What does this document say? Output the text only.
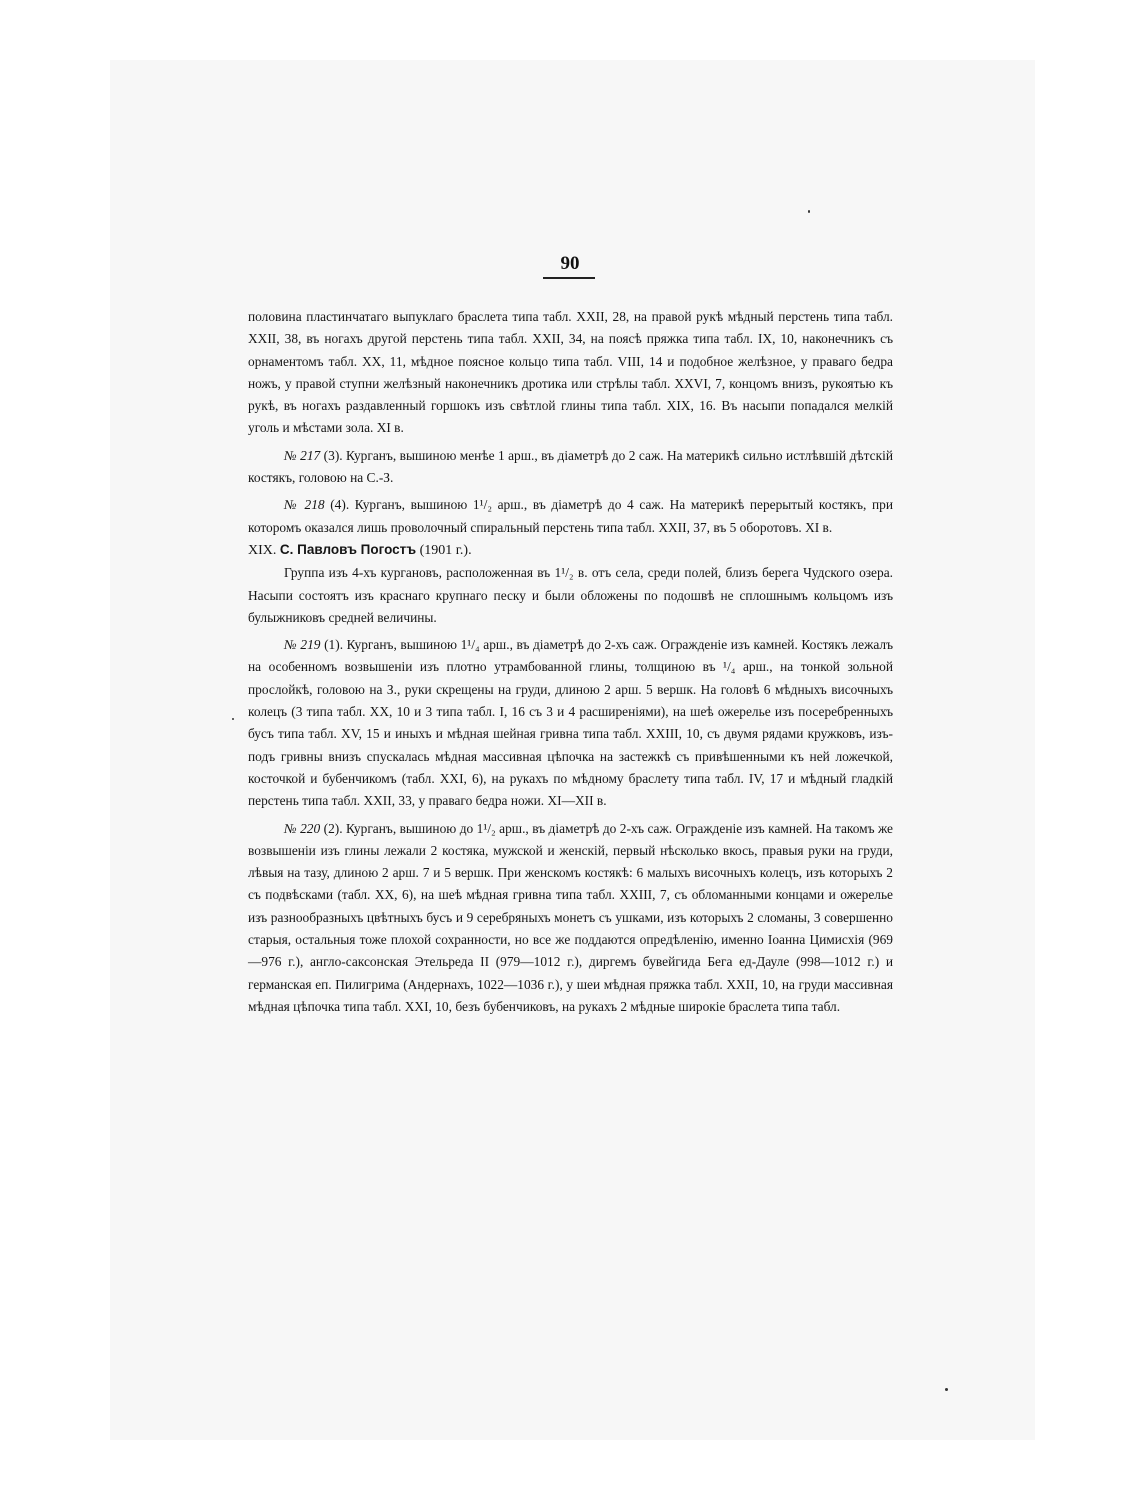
90

половина пластинчатаго выпуклаго браслета типа табл. XXII, 28, на правой рукѣ мѣдный перстень типа табл. XXII, 38, въ ногахъ другой перстень типа табл. XXII, 34, на поясѣ пряжка типа табл. IX, 10, наконечникъ съ орнаментомъ табл. XX, 11, мѣдное поясное кольцо типа табл. VIII, 14 и подобное желѣзное, у праваго бедра ножъ, у правой ступни желѣзный наконечникъ дротика или стрѣлы табл. XXVI, 7, концомъ внизъ, рукоятью къ рукѣ, въ ногахъ раздавленный горшокъ изъ свѣтлой глины типа табл. XIX, 16. Въ насыпи попадался мелкій уголь и мѣстами зола. XI в.

№ 217 (3). Курганъ, вышиною менѣе 1 арш., въ діаметрѣ до 2 саж. На материкѣ сильно истлѣвшій дѣтскій костякъ, головою на С.-З.

№ 218 (4). Курганъ, вышиною 1¹/₂ арш., въ діаметрѣ до 4 саж. На материкѣ перерытый костякъ, при которомъ оказался лишь проволочный спиральный перстень типа табл. XXII, 37, въ 5 оборотовъ. XI в.

XIX. С. Павловъ Погостъ (1901 г.).

Группа изъ 4-хъ кургановъ, расположенная въ 1¹/₂ в. отъ села, среди полей, близъ берега Чудского озера. Насыпи состоятъ изъ краснаго крупнаго песку и были обложены по подошвѣ не сплошнымъ кольцомъ изъ булыжниковъ средней величины.

№ 219 (1). Курганъ, вышиною 1¹/₄ арш., въ діаметрѣ до 2-хъ саж. Огражденіе изъ камней. Костякъ лежалъ на особенномъ возвышеніи изъ плотно утрамбованной глины, толщиною въ ¹/₄ арш., на тонкой зольной прослойкѣ, головою на З., руки скрещены на груди, длиною 2 арш. 5 вершк. На головѣ 6 мѣдныхъ височныхъ колецъ (3 типа табл. XX, 10 и 3 типа табл. I, 16 съ 3 и 4 расширеніями), на шеѣ ожерелье изъ посеребренныхъ бусъ типа табл. XV, 15 и иныхъ и мѣдная шейная гривна типа табл. XXIII, 10, съ двумя рядами кружковъ, изъ-подъ гривны внизъ спускалась мѣдная массивная цѣпочка на застежкѣ съ привѣшенными къ ней ложечкой, косточкой и бубенчикомъ (табл. XXI, 6), на рукахъ по мѣдному браслету типа табл. IV, 17 и мѣдный гладкій перстень типа табл. XXII, 33, у праваго бедра ножи. XI—XII в.

№ 220 (2). Курганъ, вышиною до 1¹/₂ арш., въ діаметрѣ до 2-хъ саж. Огражденіе изъ камней. На такомъ же возвышеніи изъ глины лежали 2 костяка, мужской и женскій, первый нѣсколько вкось, правыя руки на груди, лѣвыя на тазу, длиною 2 арш. 7 и 5 вершк. При женскомъ костякѣ: 6 малыхъ височныхъ колецъ, изъ которыхъ 2 съ подвѣсками (табл. XX, 6), на шеѣ мѣдная гривна типа табл. XXIII, 7, съ обломанными концами и ожерелье изъ разнообразныхъ цвѣтныхъ бусъ и 9 серебряныхъ монетъ съ ушками, изъ которыхъ 2 сломаны, 3 совершенно старыя, остальныя тоже плохой сохранности, но все же поддаются опредѣленію, именно Іоанна Цимисхія (969—976 г.), англо-саксонская Этельреда II (979—1012 г.), диргемъ бувейгида Бега ед-Дауле (998—1012 г.) и германская еп. Пилигрима (Андернахъ, 1022—1036 г.), у шеи мѣдная пряжка табл. XXII, 10, на груди массивная мѣдная цѣпочка типа табл. XXI, 10, безъ бубенчиковъ, на рукахъ 2 мѣдные широкіе браслета типа табл.
